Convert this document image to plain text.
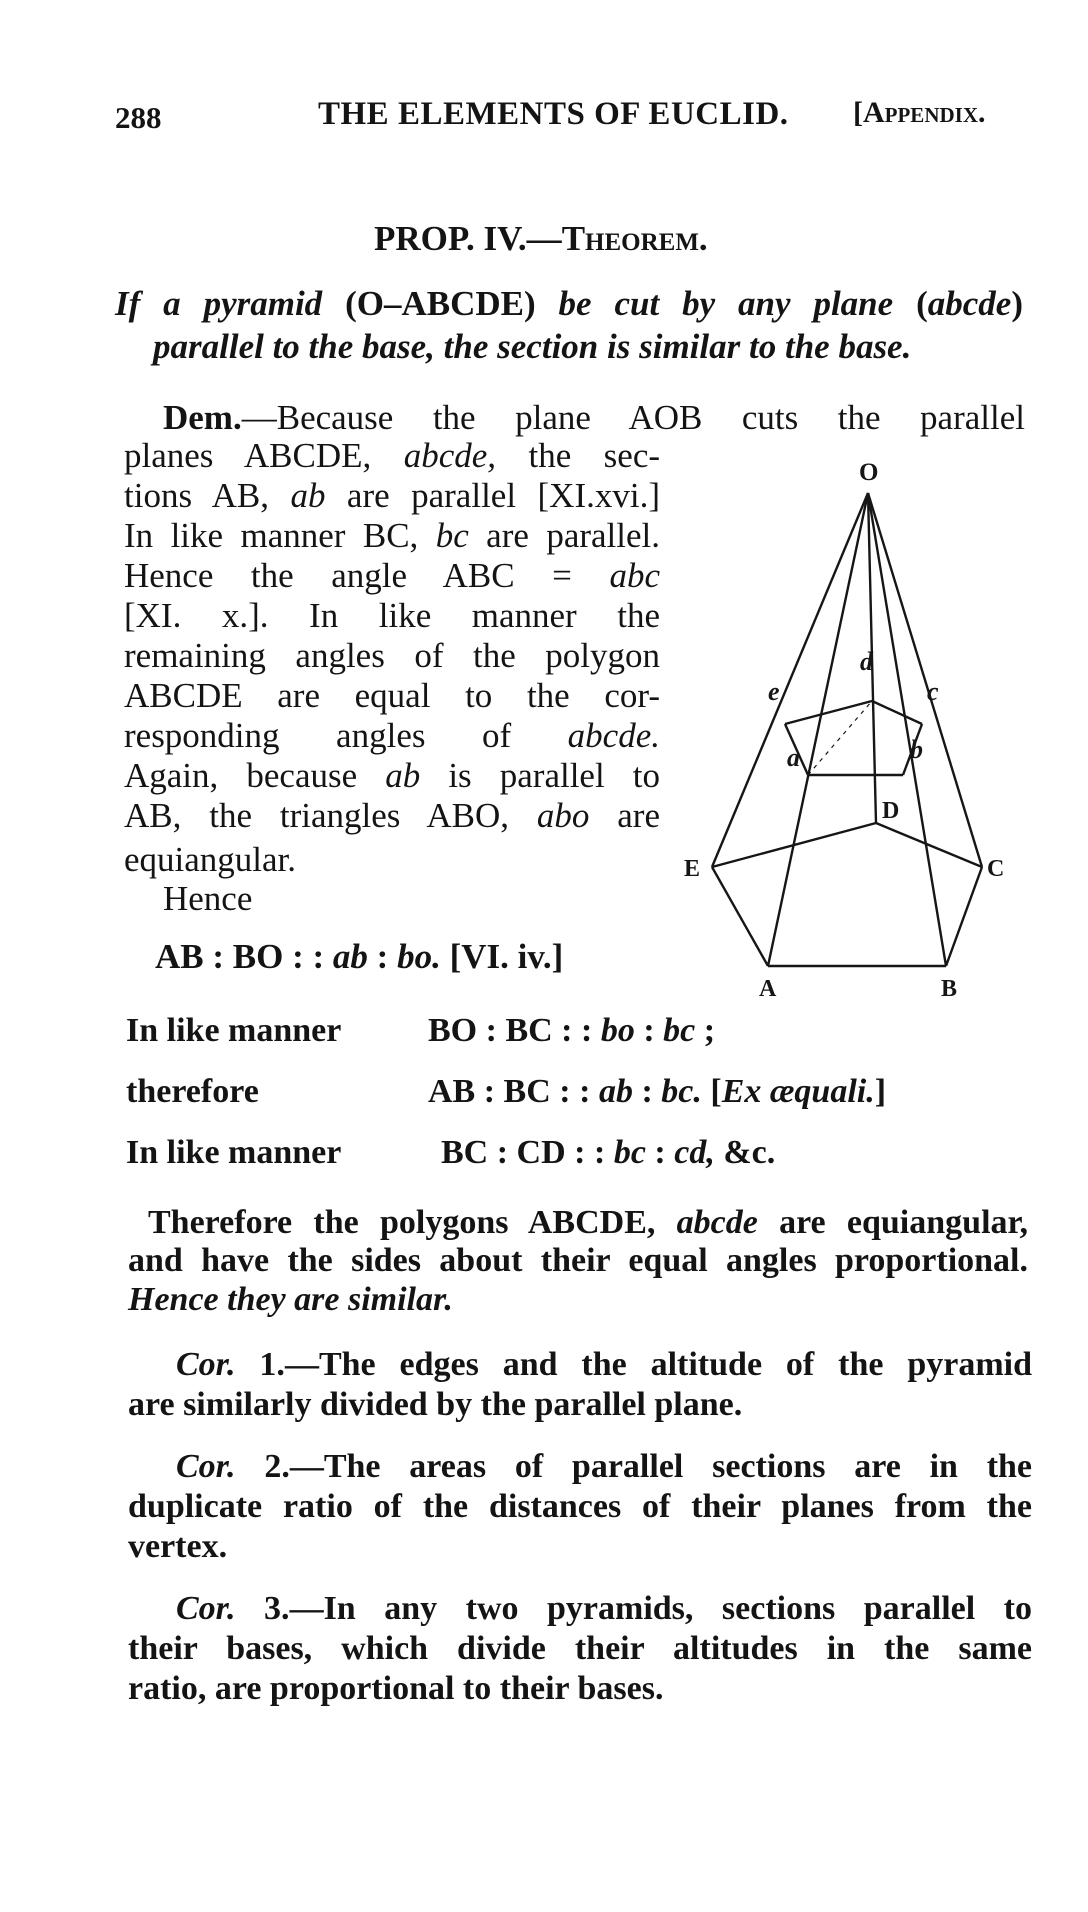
288	THE ELEMENTS OF EUCLID. [Appendix.
PROP. IV.—Theorem.
If a pyramid (O–ABCDE) be cut by any plane (abcde)
parallel to the base, the section is similar to the base.
Dem.—Because the plane AOB cuts the parallel
planes ABCDE, abcde, the sec-
tions AB, ab are parallel [XI.xvi.]
In like manner BC, bc are parallel.
Hence the angle ABC = abc
[XI. x.]. In like manner the
remaining angles of the polygon
ABCDE are equal to the cor-
responding angles of abcde.
Again, because ab is parallel to
AB, the triangles ABO, abo are
equiangular.
Hence
AB : BO : : ab : bo. [VI. iv.]
In like manner	BO : BC : : bo : bc ;
therefore	AB : BC : : ab : bc. [Ex æquali.]
In like manner	BC : CD : : bc : cd, &c.
Therefore the polygons ABCDE, abcde are equiangular,
and have the sides about their equal angles proportional.
Hence they are similar.
Cor. 1.—The edges and the altitude of the pyramid
are similarly divided by the parallel plane.
Cor. 2.—The areas of parallel sections are in the
duplicate ratio of the distances of their planes from the
vertex.
Cor. 3.—In any two pyramids, sections parallel to
their bases, which divide their altitudes in the same
ratio, are proportional to their bases.
O
A	B
C
D
E
a	b
c
d
e
